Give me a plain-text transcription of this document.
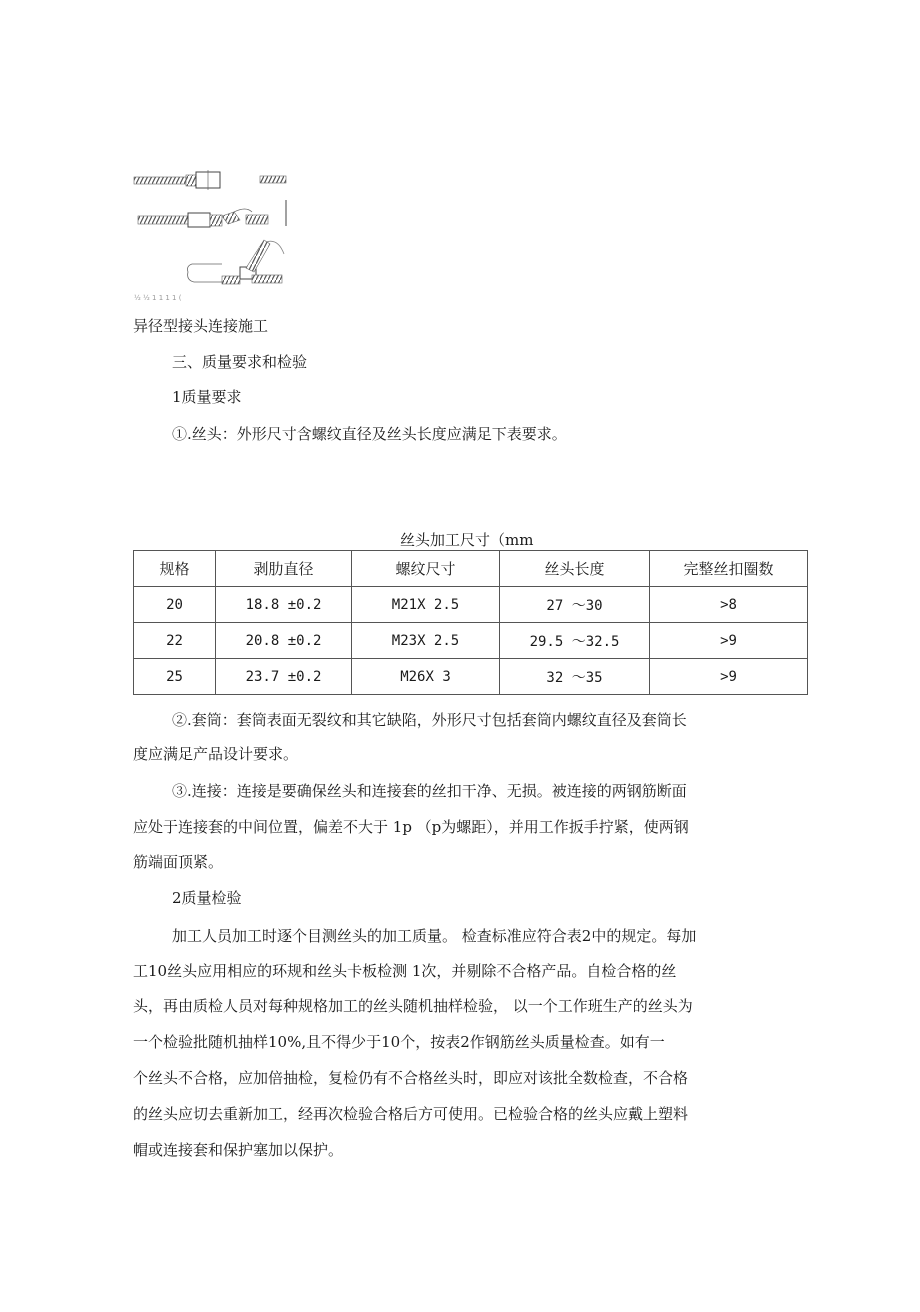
½ ½ 1 1 1 1 (
异径型接头连接施工
三、质量要求和检验
1质量要求
①.丝头：外形尺寸含螺纹直径及丝头长度应满足下表要求。
丝头加工尺寸（mm
规格	剥肋直径	螺纹尺寸	丝头长度	完整丝扣圈数
20	18.8 ±0.2	M21X 2.5	27 ～30	>8
22	20.8 ±0.2	M23X 2.5	29.5 ～32.5	>9
25	23.7 ±0.2	M26X 3	32 ～35	>9
②.套筒：套筒表面无裂纹和其它缺陷，外形尺寸包括套筒内螺纹直径及套筒长
度应满足产品设计要求。
③.连接：连接是要确保丝头和连接套的丝扣干净、无损。被连接的两钢筋断面
应处于连接套的中间位置，偏差不大于 1p （p为螺距），并用工作扳手拧紧，使两钢
筋端面顶紧。
2质量检验
加工人员加工时逐个目测丝头的加工质量。 检查标准应符合表2中的规定。每加
工10丝头应用相应的环规和丝头卡板检测 1次，并剔除不合格产品。自检合格的丝
头，再由质检人员对每种规格加工的丝头随机抽样检验， 以一个工作班生产的丝头为
一个检验批随机抽样10%,且不得少于10个，按表2作钢筋丝头质量检查。如有一
个丝头不合格，应加倍抽检，复检仍有不合格丝头时，即应对该批全数检查，不合格
的丝头应切去重新加工，经再次检验合格后方可使用。已检验合格的丝头应戴上塑料
帽或连接套和保护塞加以保护。
